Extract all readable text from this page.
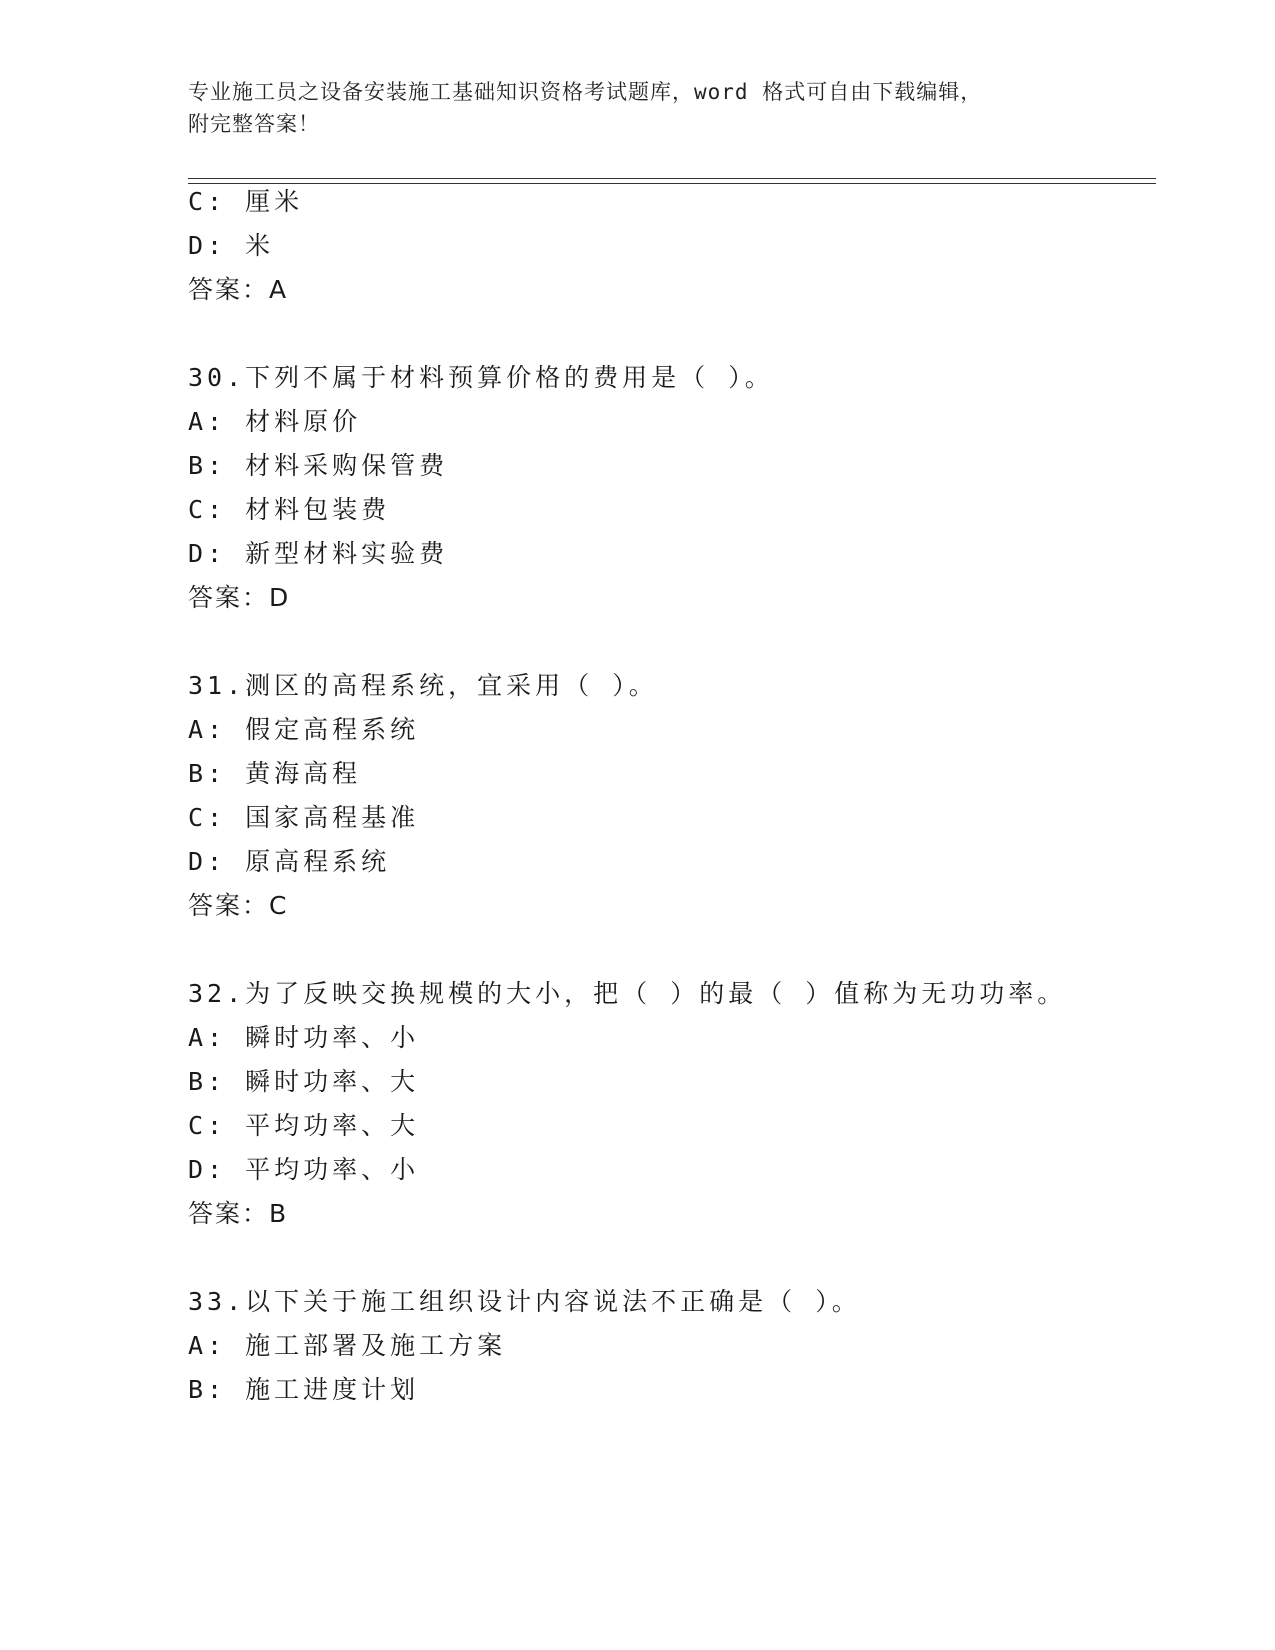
专业施工员之设备安装施工基础知识资格考试题库，word 格式可自由下载编辑，
附完整答案！
C: 厘米
D: 米
答案：A
30.下列不属于材料预算价格的费用是（ ）。
A: 材料原价
B: 材料采购保管费
C: 材料包装费
D: 新型材料实验费
答案：D
31.测区的高程系统，宜采用（ ）。
A: 假定高程系统
B: 黄海高程
C: 国家高程基准
D: 原高程系统
答案：C
32.为了反映交换规模的大小，把（ ）的最（ ）值称为无功功率。
A: 瞬时功率、小
B: 瞬时功率、大
C: 平均功率、大
D: 平均功率、小
答案：B
33.以下关于施工组织设计内容说法不正确是（ ）。
A: 施工部署及施工方案
B: 施工进度计划
